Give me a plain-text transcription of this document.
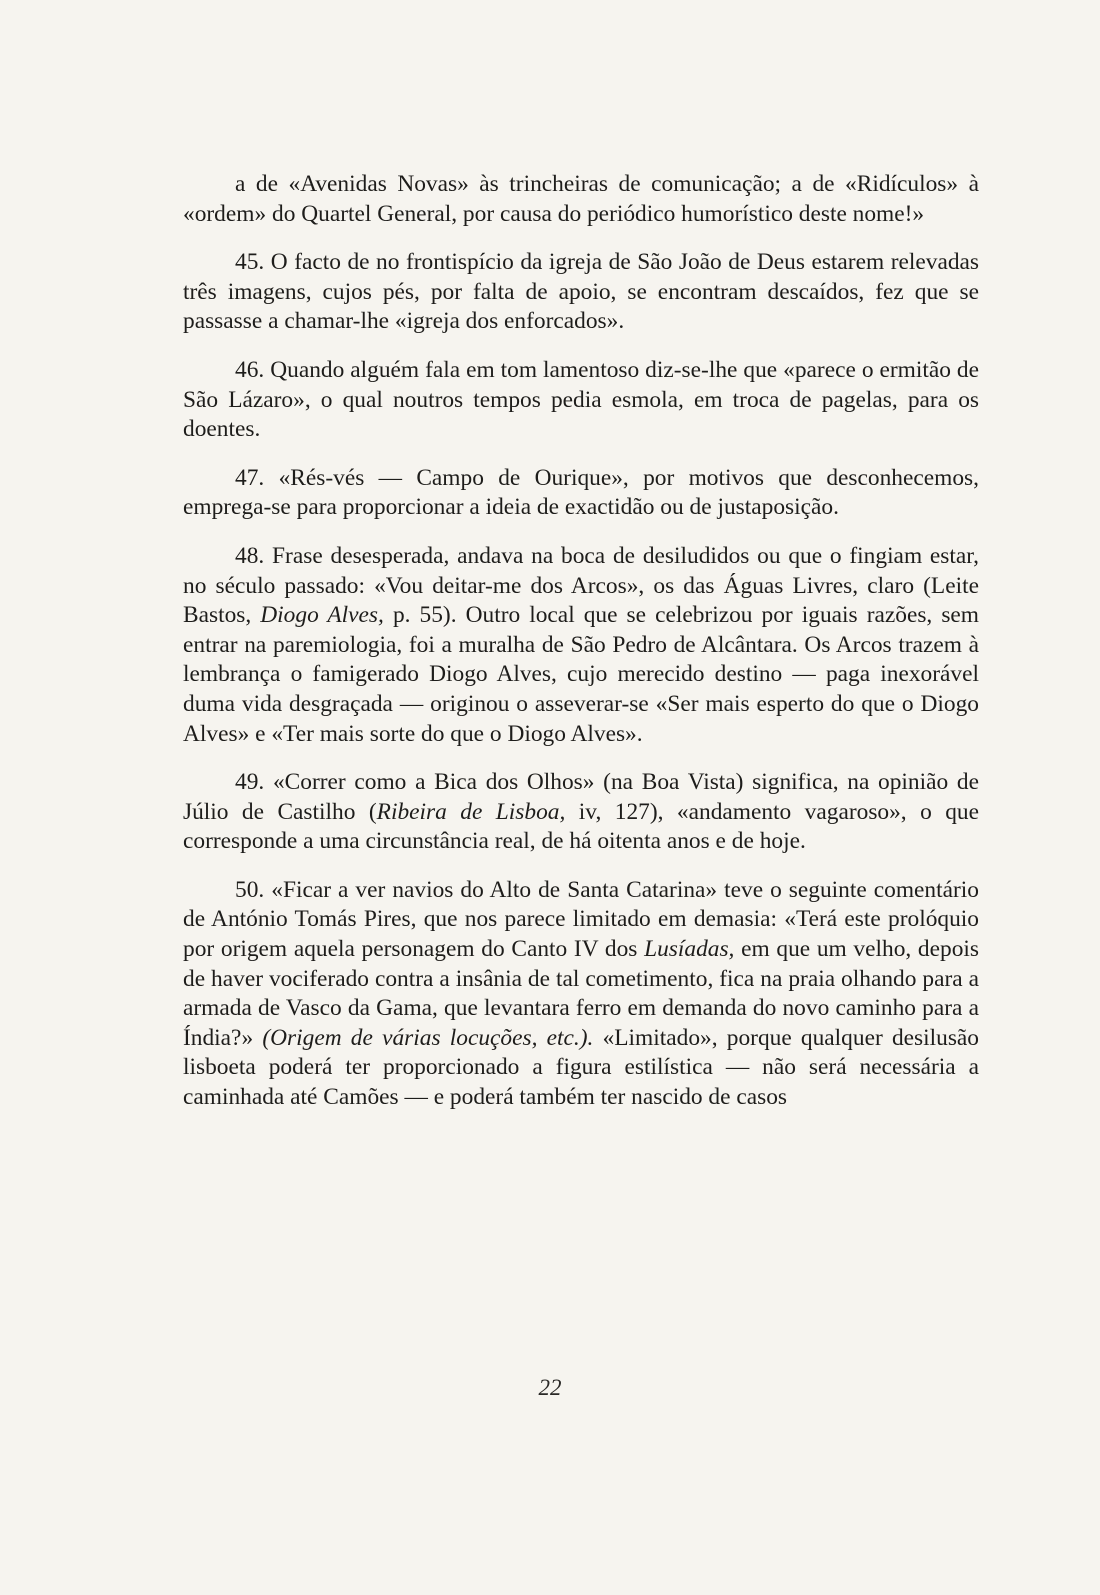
a de «Avenidas Novas» às trincheiras de comunicação; a de «Ridículos» à «ordem» do Quartel General, por causa do periódico humorístico deste nome!»

45. O facto de no frontispício da igreja de São João de Deus estarem relevadas três imagens, cujos pés, por falta de apoio, se encontram descaídos, fez que se passasse a chamar-lhe «igreja dos enforcados».

46. Quando alguém fala em tom lamentoso diz-se-lhe que «parece o ermitão de São Lázaro», o qual noutros tempos pedia esmola, em troca de pagelas, para os doentes.

47. «Rés-vés — Campo de Ourique», por motivos que desconhecemos, emprega-se para proporcionar a ideia de exactidão ou de justaposição.

48. Frase desesperada, andava na boca de desiludidos ou que o fingiam estar, no século passado: «Vou deitar-me dos Arcos», os das Águas Livres, claro (Leite Bastos, Diogo Alves, p. 55). Outro local que se celebrizou por iguais razões, sem entrar na paremiologia, foi a muralha de São Pedro de Alcântara. Os Arcos trazem à lembrança o famigerado Diogo Alves, cujo merecido destino — paga inexorável duma vida desgraçada — originou o asseverar-se «Ser mais esperto do que o Diogo Alves» e «Ter mais sorte do que o Diogo Alves».

49. «Correr como a Bica dos Olhos» (na Boa Vista) significa, na opinião de Júlio de Castilho (Ribeira de Lisboa, iv, 127), «andamento vagaroso», o que corresponde a uma circunstância real, de há oitenta anos e de hoje.

50. «Ficar a ver navios do Alto de Santa Catarina» teve o seguinte comentário de António Tomás Pires, que nos parece limitado em demasia: «Terá este prolóquio por origem aquela personagem do Canto IV dos Lusíadas, em que um velho, depois de haver vociferado contra a insânia de tal cometimento, fica na praia olhando para a armada de Vasco da Gama, que levantara ferro em demanda do novo caminho para a Índia?» (Origem de várias locuções, etc.). «Limitado», porque qualquer desilusão lisboeta poderá ter proporcionado a figura estilística — não será necessária a caminhada até Camões — e poderá também ter nascido de casos

22
